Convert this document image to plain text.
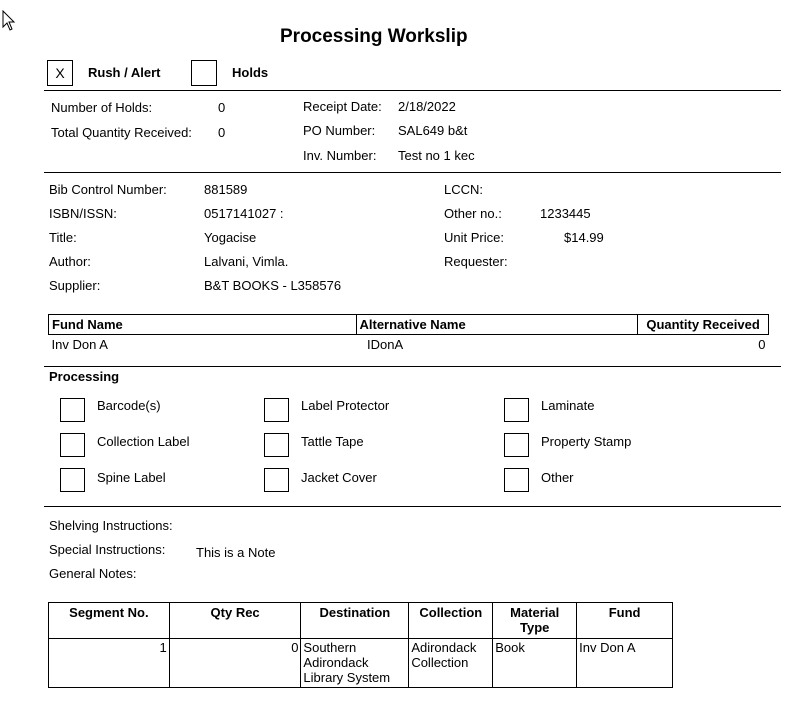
Processing Workslip
X	Rush / Alert	Holds
Number of Holds:	0
Total Quantity Received: 0
Receipt Date: 2/18/2022
PO Number: SAL649 b&t
Inv. Number: Test no 1 kec
Bib Control Number:	881589
ISBN/ISSN:	0517141027 :
Title:	Yogacise
Author:	Lalvani, Vimla.
Supplier:	B&T BOOKS - L358576
LCCN:
Other no.:	1233445
Unit Price:	$14.99
Requester:
Fund Name	Alternative Name	Quantity Received
Inv Don A	IDonA	0
Processing
Barcode(s)	Label Protector	Laminate
Collection Label	Tattle Tape	Property Stamp
Spine Label	Jacket Cover	Other
Shelving Instructions:
Special Instructions: This is a Note
General Notes:
Segment No.	Qty Rec	Destination	Collection	Material Type	Fund
1	0	Southern Adirondack Library System	Adirondack Collection	Book	Inv Don A
